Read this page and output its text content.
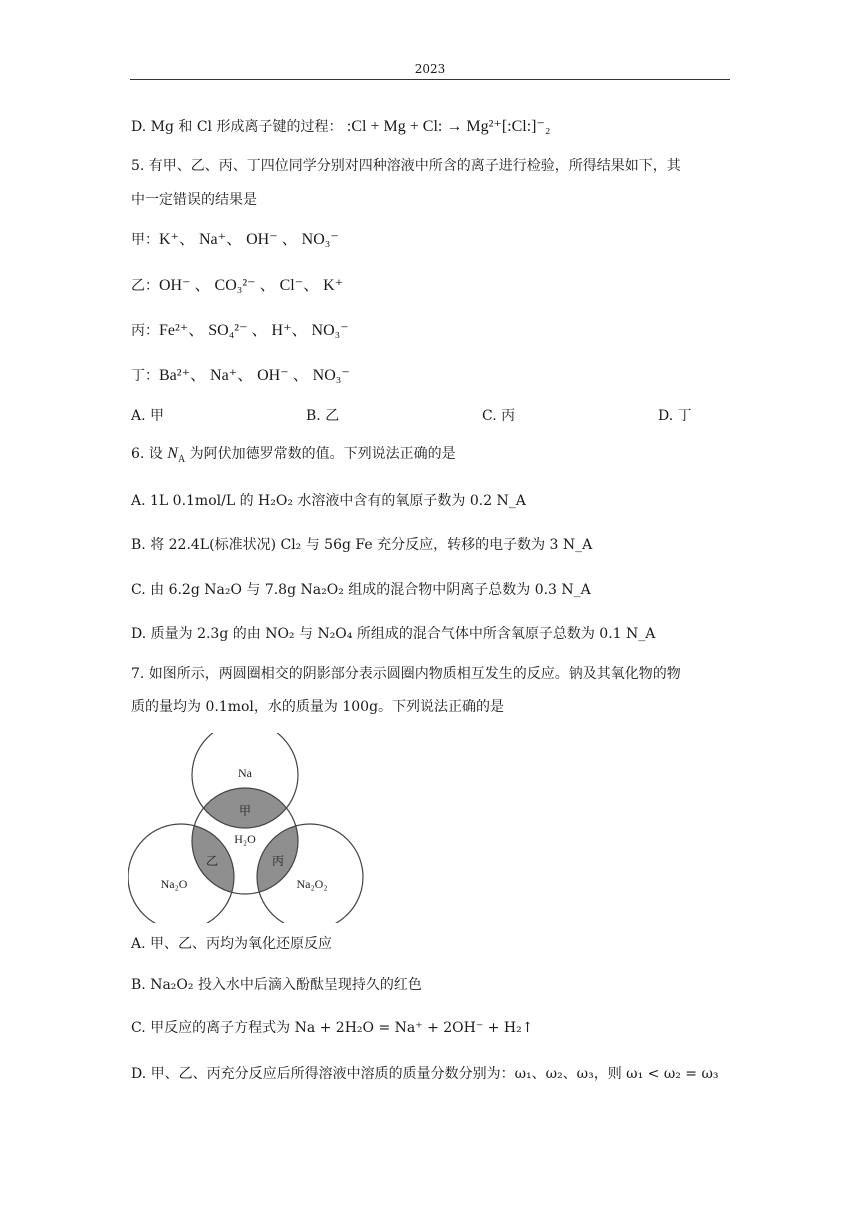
2023
D. Mg 和 Cl 形成离子键的过程： :Cl + Mg + Cl: → Mg²⁺[:Cl:]⁻₂
5. 有甲、乙、丙、丁四位同学分别对四种溶液中所含的离子进行检验，所得结果如下，其
中一定错误的结果是
甲：K⁺、 Na⁺、 OH⁻ 、 NO₃⁻
乙：OH⁻ 、 CO₃²⁻ 、 Cl⁻、 K⁺
丙：Fe²⁺、 SO₄²⁻ 、 H⁺、 NO₃⁻
丁：Ba²⁺、 Na⁺、 OH⁻ 、 NO₃⁻
A. 甲	B. 乙	C. 丙	D. 丁
6. 设 $N_A$ 为阿伏加德罗常数的值。下列说法正确的是
A. 1L 0.1mol/L 的 H₂O₂ 水溶液中含有的氧原子数为 0.2 N_A
B. 将 22.4L(标准状况) Cl₂ 与 56g Fe 充分反应，转移的电子数为 3 N_A
C. 由 6.2g Na₂O 与 7.8g Na₂O₂ 组成的混合物中阴离子总数为 0.3 N_A
D. 质量为 2.3g 的由 NO₂ 与 N₂O₄ 所组成的混合气体中所含氧原子总数为 0.1 N_A
7. 如图所示，两圆圈相交的阴影部分表示圆圈内物质相互发生的反应。钠及其氧化物的物
质的量均为 0.1mol，水的质量为 100g。下列说法正确的是
Na
H₂O
Na₂O	Na₂O₂
甲
乙	丙
A. 甲、乙、丙均为氧化还原反应
B. Na₂O₂ 投入水中后滴入酚酞呈现持久的红色
C. 甲反应的离子方程式为 Na + 2H₂O = Na⁺ + 2OH⁻ + H₂↑
D. 甲、乙、丙充分反应后所得溶液中溶质的质量分数分别为：ω₁、ω₂、ω₃，则 ω₁ < ω₂ = ω₃
